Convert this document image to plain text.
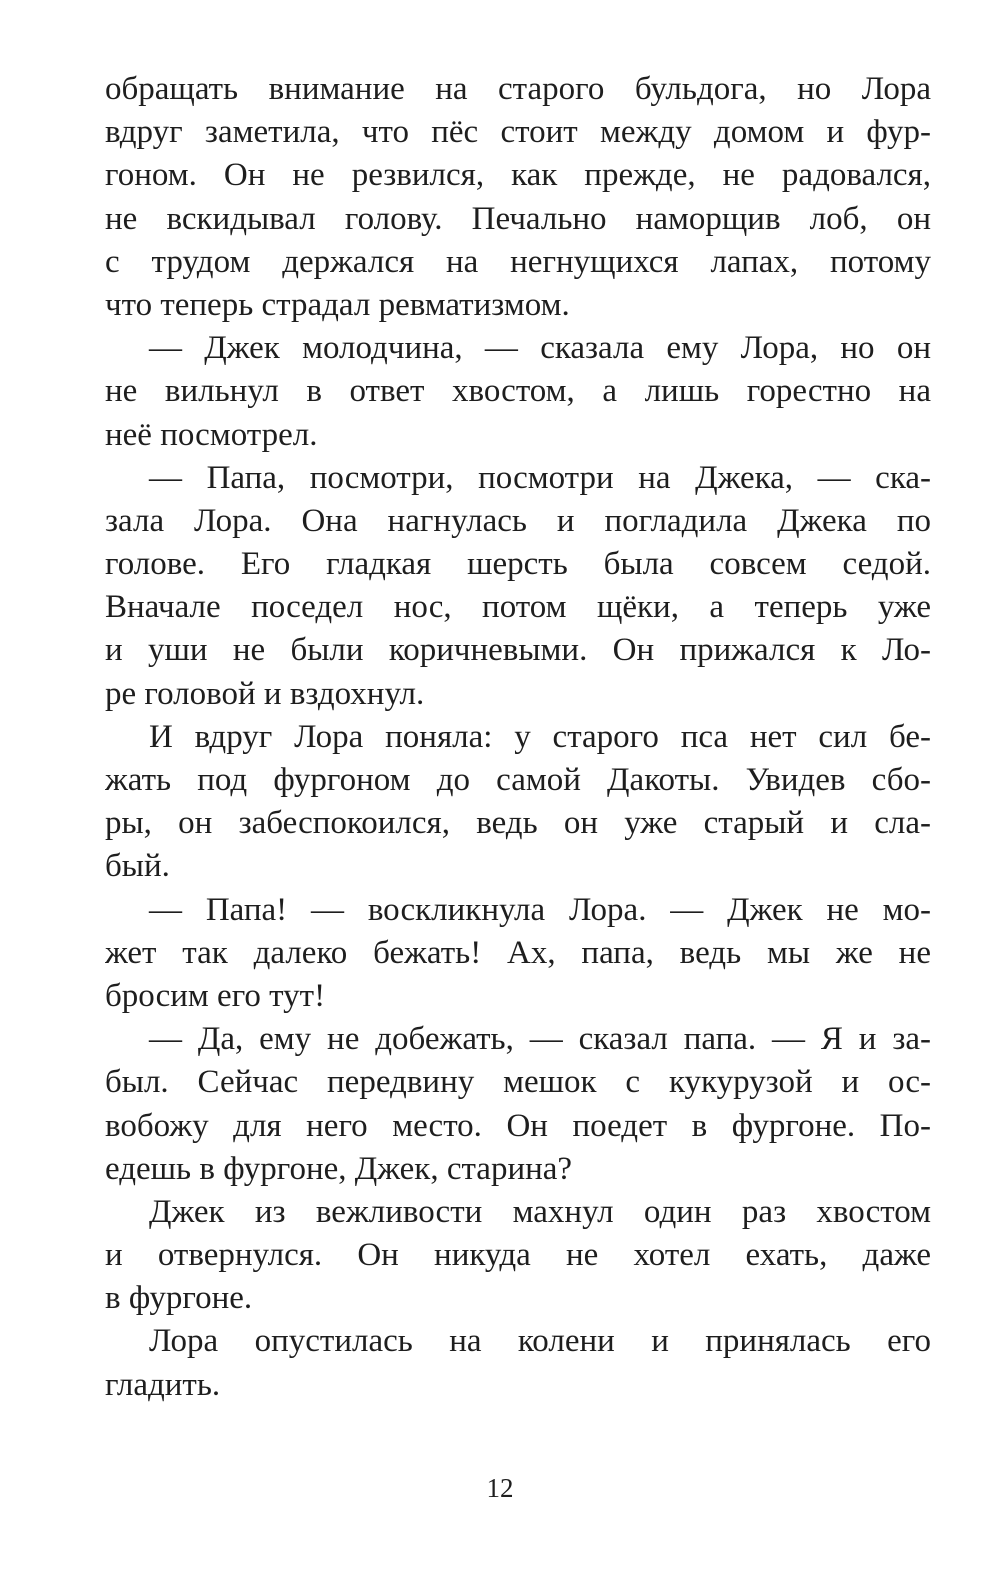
обращать внимание на старого бульдога, но Лора
вдруг заметила, что пёс стоит между домом и фур-
гоном. Он не резвился, как прежде, не радовался,
не вскидывал голову. Печально наморщив лоб, он
с трудом держался на негнущихся лапах, потому
что теперь страдал ревматизмом.
— Джек молодчина, — сказала ему Лора, но он
не вильнул в ответ хвостом, а лишь горестно на
неё посмотрел.
— Папа, посмотри, посмотри на Джека, — ска-
зала Лора. Она нагнулась и погладила Джека по
голове. Его гладкая шерсть была совсем седой.
Вначале поседел нос, потом щёки, а теперь уже
и уши не были коричневыми. Он прижался к Ло-
ре головой и вздохнул.
И вдруг Лора поняла: у старого пса нет сил бе-
жать под фургоном до самой Дакоты. Увидев сбо-
ры, он забеспокоился, ведь он уже старый и сла-
бый.
— Папа! — воскликнула Лора. — Джек не мо-
жет так далеко бежать! Ах, папа, ведь мы же не
бросим его тут!
— Да, ему не добежать, — сказал папа. — Я и за-
был. Сейчас передвину мешок с кукурузой и ос-
вобожу для него место. Он поедет в фургоне. По-
едешь в фургоне, Джек, старина?
Джек из вежливости махнул один раз хвостом
и отвернулся. Он никуда не хотел ехать, даже
в фургоне.
Лора опустилась на колени и принялась его
гладить.
12
